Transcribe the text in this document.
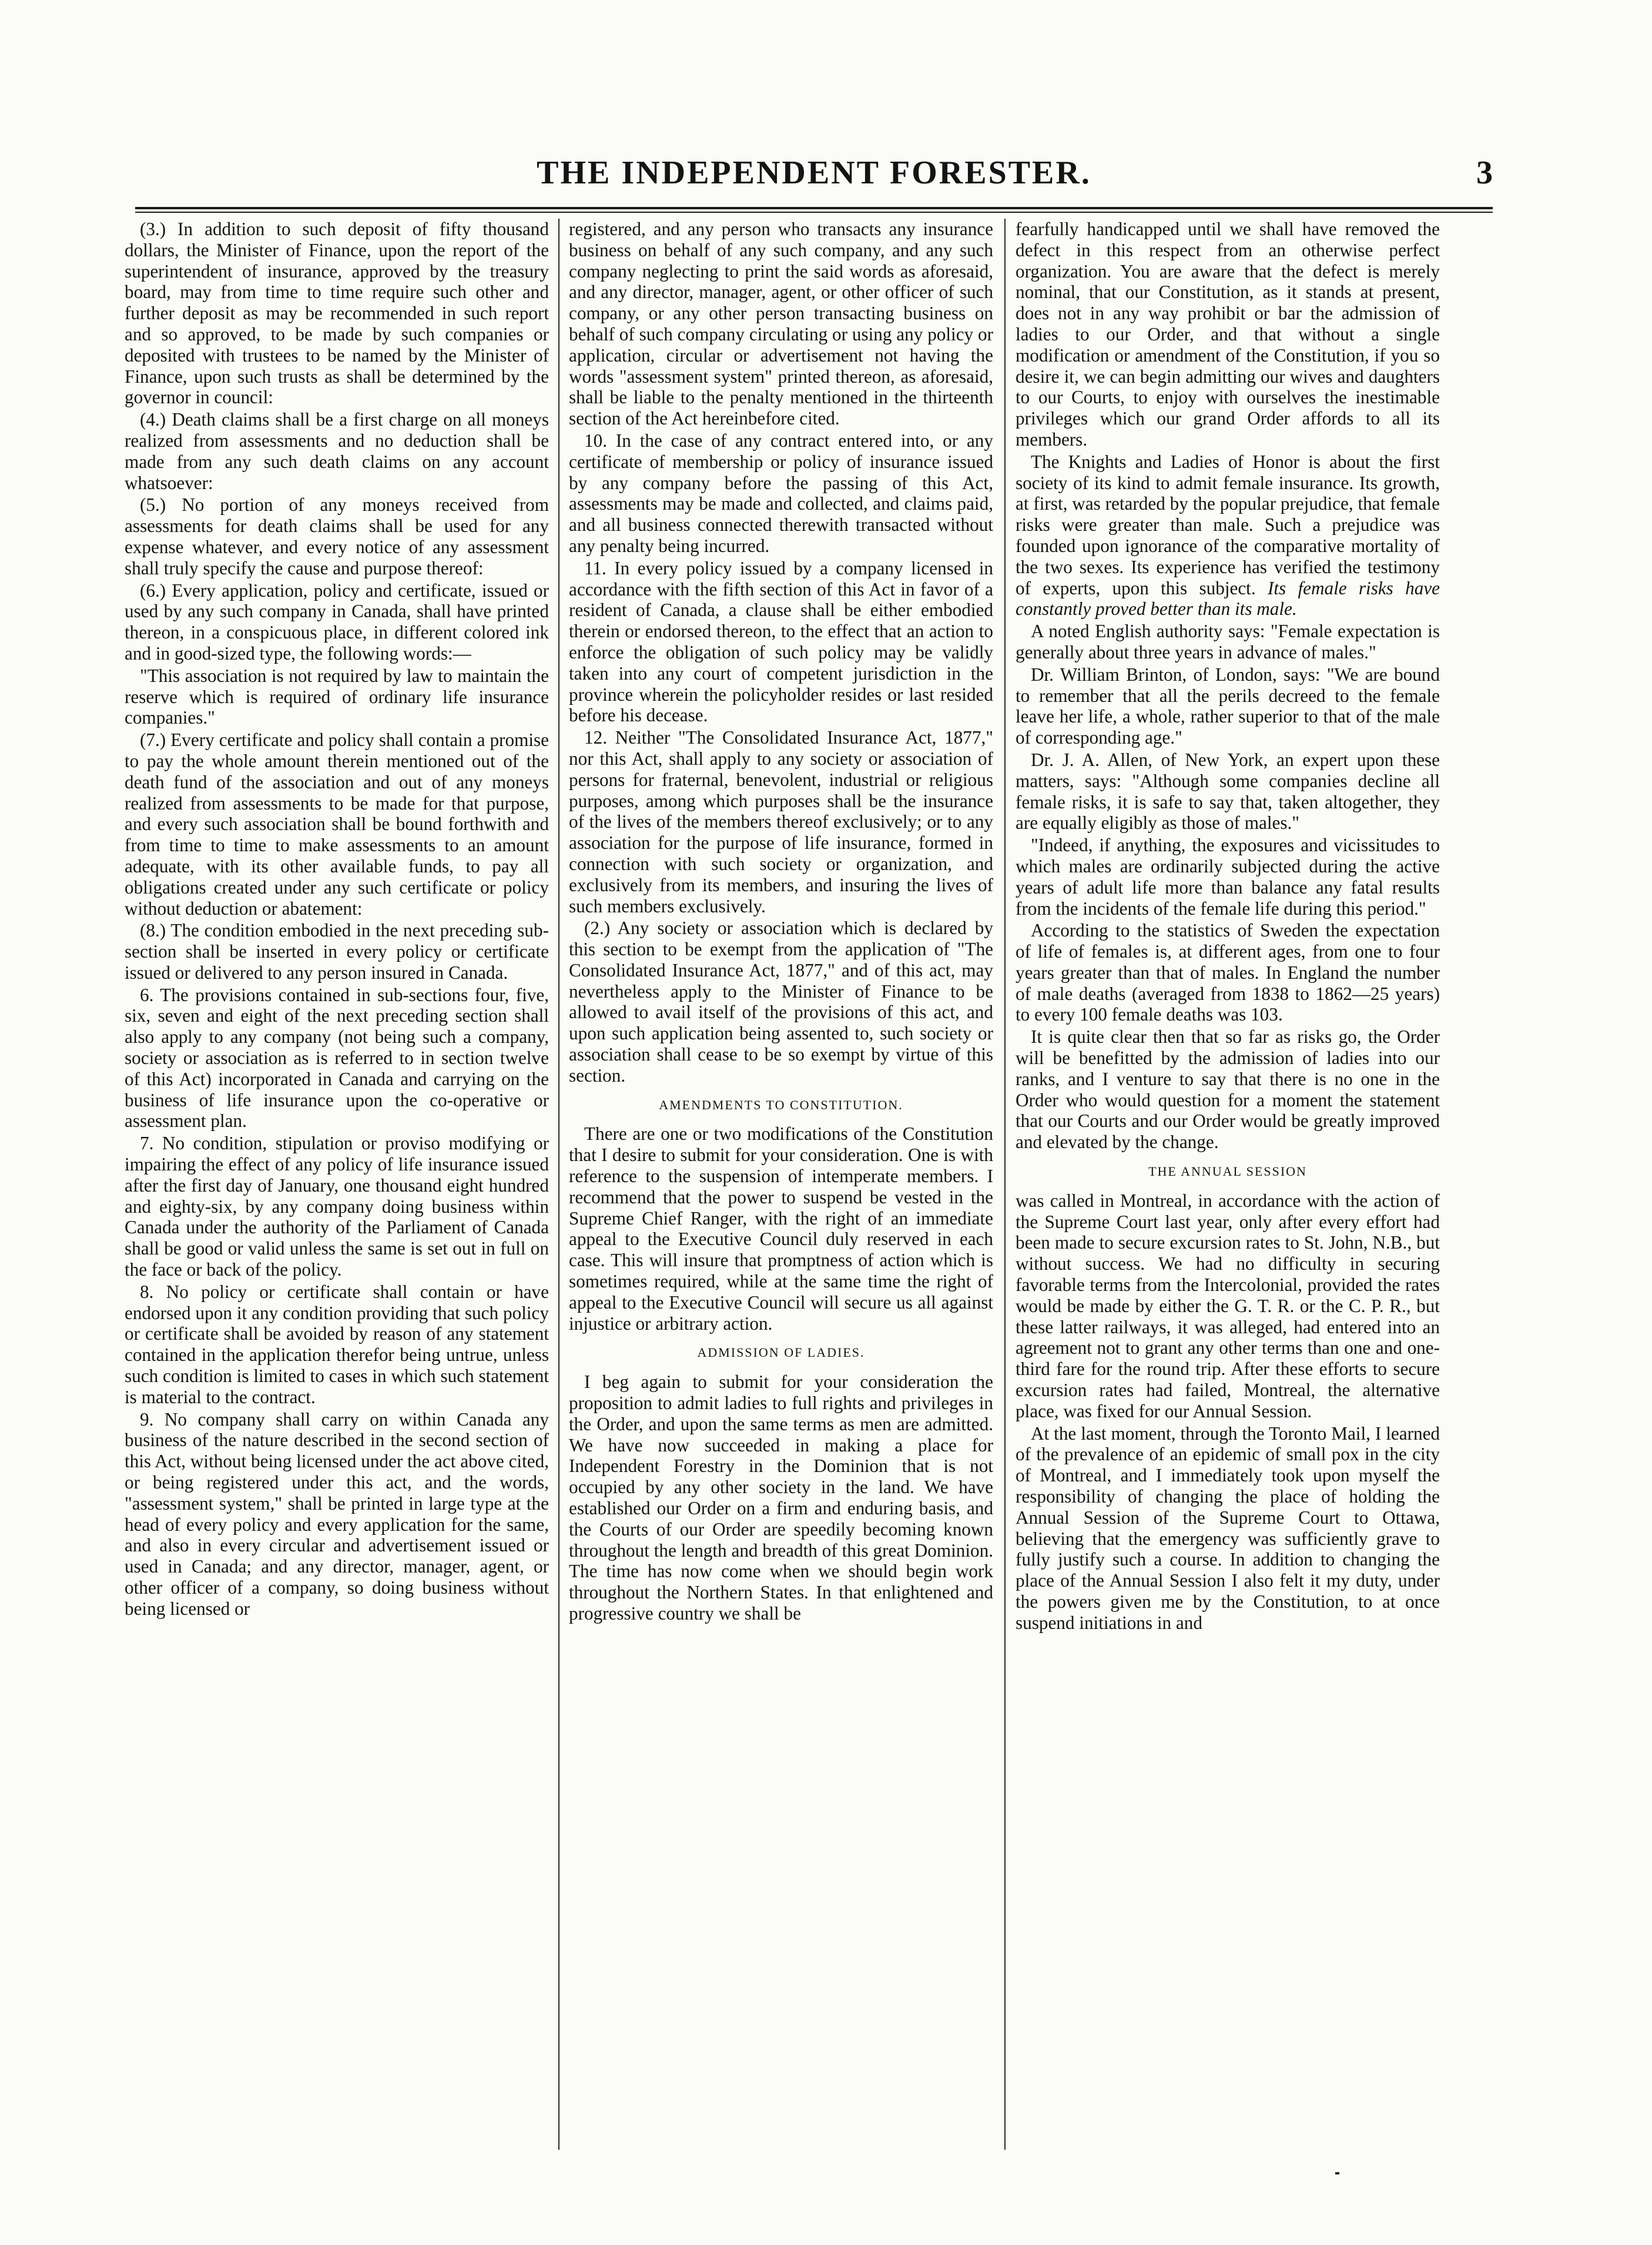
THE INDEPENDENT FORESTER.	3

(3.) In addition to such deposit of fifty thousand dollars, the Minister of Finance, upon the report of the superintendent of insurance, approved by the treasury board, may from time to time require such other and further deposit as may be recommended in such report and so approved, to be made by such companies or deposited with trustees to be named by the Minister of Finance, upon such trusts as shall be determined by the governor in council:

(4.) Death claims shall be a first charge on all moneys realized from assessments and no deduction shall be made from any such death claims on any account whatsoever:

(5.) No portion of any moneys received from assessments for death claims shall be used for any expense whatever, and every notice of any assessment shall truly specify the cause and purpose thereof:

(6.) Every application, policy and certificate, issued or used by any such company in Canada, shall have printed thereon, in a conspicuous place, in different colored ink and in good-sized type, the following words:—

"This association is not required by law to maintain the reserve which is required of ordinary life insurance companies."

(7.) Every certificate and policy shall contain a promise to pay the whole amount therein mentioned out of the death fund of the association and out of any moneys realized from assessments to be made for that purpose, and every such association shall be bound forthwith and from time to time to make assessments to an amount adequate, with its other available funds, to pay all obligations created under any such certificate or policy without deduction or abatement:

(8.) The condition embodied in the next preceding sub-section shall be inserted in every policy or certificate issued or delivered to any person insured in Canada.

6. The provisions contained in sub-sections four, five, six, seven and eight of the next preceding section shall also apply to any company (not being such a company, society or association as is referred to in section twelve of this Act) incorporated in Canada and carrying on the business of life insurance upon the co-operative or assessment plan.

7. No condition, stipulation or proviso modifying or impairing the effect of any policy of life insurance issued after the first day of January, one thousand eight hundred and eighty-six, by any company doing business within Canada under the authority of the Parliament of Canada shall be good or valid unless the same is set out in full on the face or back of the policy.

8. No policy or certificate shall contain or have endorsed upon it any condition providing that such policy or certificate shall be avoided by reason of any statement contained in the application therefor being untrue, unless such condition is limited to cases in which such statement is material to the contract.

9. No company shall carry on within Canada any business of the nature described in the second section of this Act, without being licensed under the act above cited, or being registered under this act, and the words, "assessment system," shall be printed in large type at the head of every policy and every application for the same, and also in every circular and advertisement issued or used in Canada; and any director, manager, agent, or other officer of a company, so doing business without being licensed or

registered, and any person who transacts any insurance business on behalf of any such company, and any such company neglecting to print the said words as aforesaid, and any director, manager, agent, or other officer of such company, or any other person transacting business on behalf of such company circulating or using any policy or application, circular or advertisement not having the words "assessment system" printed thereon, as aforesaid, shall be liable to the penalty mentioned in the thirteenth section of the Act hereinbefore cited.

10. In the case of any contract entered into, or any certificate of membership or policy of insurance issued by any company before the passing of this Act, assessments may be made and collected, and claims paid, and all business connected therewith transacted without any penalty being incurred.

11. In every policy issued by a company licensed in accordance with the fifth section of this Act in favor of a resident of Canada, a clause shall be either embodied therein or endorsed thereon, to the effect that an action to enforce the obligation of such policy may be validly taken into any court of competent jurisdiction in the province wherein the policyholder resides or last resided before his decease.

12. Neither "The Consolidated Insurance Act, 1877," nor this Act, shall apply to any society or association of persons for fraternal, benevolent, industrial or religious purposes, among which purposes shall be the insurance of the lives of the members thereof exclusively; or to any association for the purpose of life insurance, formed in connection with such society or organization, and exclusively from its members, and insuring the lives of such members exclusively.

(2.) Any society or association which is declared by this section to be exempt from the application of "The Consolidated Insurance Act, 1877," and of this act, may nevertheless apply to the Minister of Finance to be allowed to avail itself of the provisions of this act, and upon such application being assented to, such society or association shall cease to be so exempt by virtue of this section.

AMENDMENTS TO CONSTITUTION.

There are one or two modifications of the Constitution that I desire to submit for your consideration. One is with reference to the suspension of intemperate members. I recommend that the power to suspend be vested in the Supreme Chief Ranger, with the right of an immediate appeal to the Executive Council duly reserved in each case. This will insure that promptness of action which is sometimes required, while at the same time the right of appeal to the Executive Council will secure us all against injustice or arbitrary action.

ADMISSION OF LADIES.

I beg again to submit for your consideration the proposition to admit ladies to full rights and privileges in the Order, and upon the same terms as men are admitted. We have now succeeded in making a place for Independent Forestry in the Dominion that is not occupied by any other society in the land. We have established our Order on a firm and enduring basis, and the Courts of our Order are speedily becoming known throughout the length and breadth of this great Dominion. The time has now come when we should begin work throughout the Northern States. In that enlightened and progressive country we shall be

fearfully handicapped until we shall have removed the defect in this respect from an otherwise perfect organization. You are aware that the defect is merely nominal, that our Constitution, as it stands at present, does not in any way prohibit or bar the admission of ladies to our Order, and that without a single modification or amendment of the Constitution, if you so desire it, we can begin admitting our wives and daughters to our Courts, to enjoy with ourselves the inestimable privileges which our grand Order affords to all its members.

The Knights and Ladies of Honor is about the first society of its kind to admit female insurance. Its growth, at first, was retarded by the popular prejudice, that female risks were greater than male. Such a prejudice was founded upon ignorance of the comparative mortality of the two sexes. Its experience has verified the testimony of experts, upon this subject. Its female risks have constantly proved better than its male.

A noted English authority says: "Female expectation is generally about three years in advance of males."

Dr. William Brinton, of London, says: "We are bound to remember that all the perils decreed to the female leave her life, a whole, rather superior to that of the male of corresponding age."

Dr. J. A. Allen, of New York, an expert upon these matters, says: "Although some companies decline all female risks, it is safe to say that, taken altogether, they are equally eligibly as those of males."

"Indeed, if anything, the exposures and vicissitudes to which males are ordinarily subjected during the active years of adult life more than balance any fatal results from the incidents of the female life during this period."

According to the statistics of Sweden the expectation of life of females is, at different ages, from one to four years greater than that of males. In England the number of male deaths (averaged from 1838 to 1862—25 years) to every 100 female deaths was 103.

It is quite clear then that so far as risks go, the Order will be benefitted by the admission of ladies into our ranks, and I venture to say that there is no one in the Order who would question for a moment the statement that our Courts and our Order would be greatly improved and elevated by the change.

THE ANNUAL SESSION

was called in Montreal, in accordance with the action of the Supreme Court last year, only after every effort had been made to secure excursion rates to St. John, N.B., but without success. We had no difficulty in securing favorable terms from the Intercolonial, provided the rates would be made by either the G. T. R. or the C. P. R., but these latter railways, it was alleged, had entered into an agreement not to grant any other terms than one and one-third fare for the round trip. After these efforts to secure excursion rates had failed, Montreal, the alternative place, was fixed for our Annual Session.

At the last moment, through the Toronto Mail, I learned of the prevalence of an epidemic of small pox in the city of Montreal, and I immediately took upon myself the responsibility of changing the place of holding the Annual Session of the Supreme Court to Ottawa, believing that the emergency was sufficiently grave to fully justify such a course. In addition to changing the place of the Annual Session I also felt it my duty, under the powers given me by the Constitution, to at once suspend initiations in and
